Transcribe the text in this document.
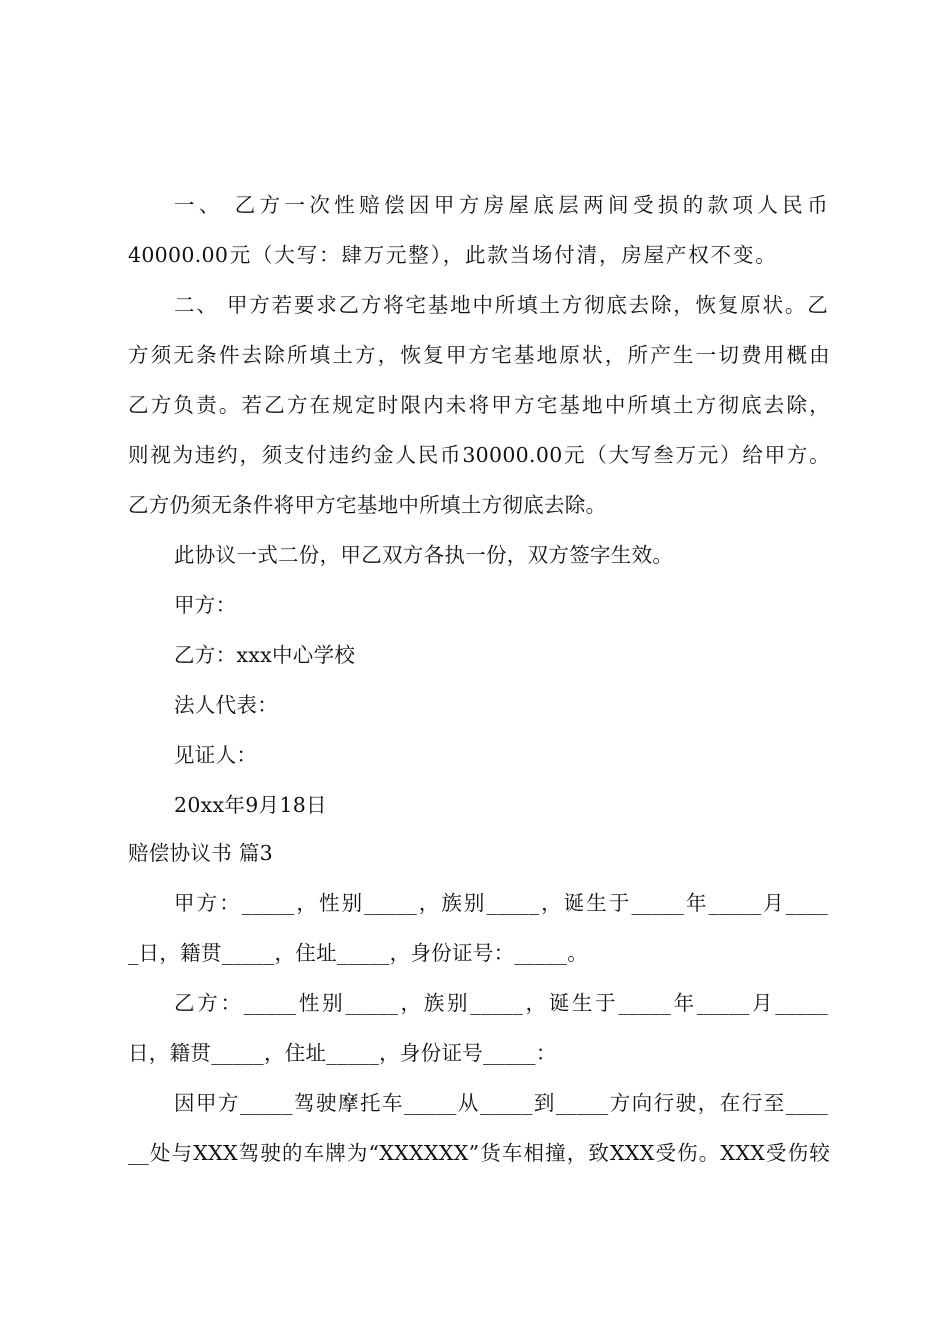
一、 乙方一次性赔偿因甲方房屋底层两间受损的款项人民币
40000.00元（大写：肆万元整），此款当场付清，房屋产权不变。
二、 甲方若要求乙方将宅基地中所填土方彻底去除，恢复原状。乙
方须无条件去除所填土方，恢复甲方宅基地原状，所产生一切费用概由
乙方负责。若乙方在规定时限内未将甲方宅基地中所填土方彻底去除，
则视为违约，须支付违约金人民币30000.00元（大写叁万元）给甲方。
乙方仍须无条件将甲方宅基地中所填土方彻底去除。
此协议一式二份，甲乙双方各执一份，双方签字生效。
甲方：
乙方：xxx中心学校
法人代表：
见证人：
20xx年9月18日
赔偿协议书 篇3
甲方：_____，性别_____，族别_____，诞生于_____年_____月____
_日，籍贯_____，住址_____，身份证号：_____。
乙方：_____性别_____，族别_____，诞生于_____年_____月_____
日，籍贯_____，住址_____，身份证号_____：
因甲方_____驾驶摩托车_____从_____到_____方向行驶，在行至____
__处与XXX驾驶的车牌为“XXXXXX”货车相撞，致XXX受伤。XXX受伤较
